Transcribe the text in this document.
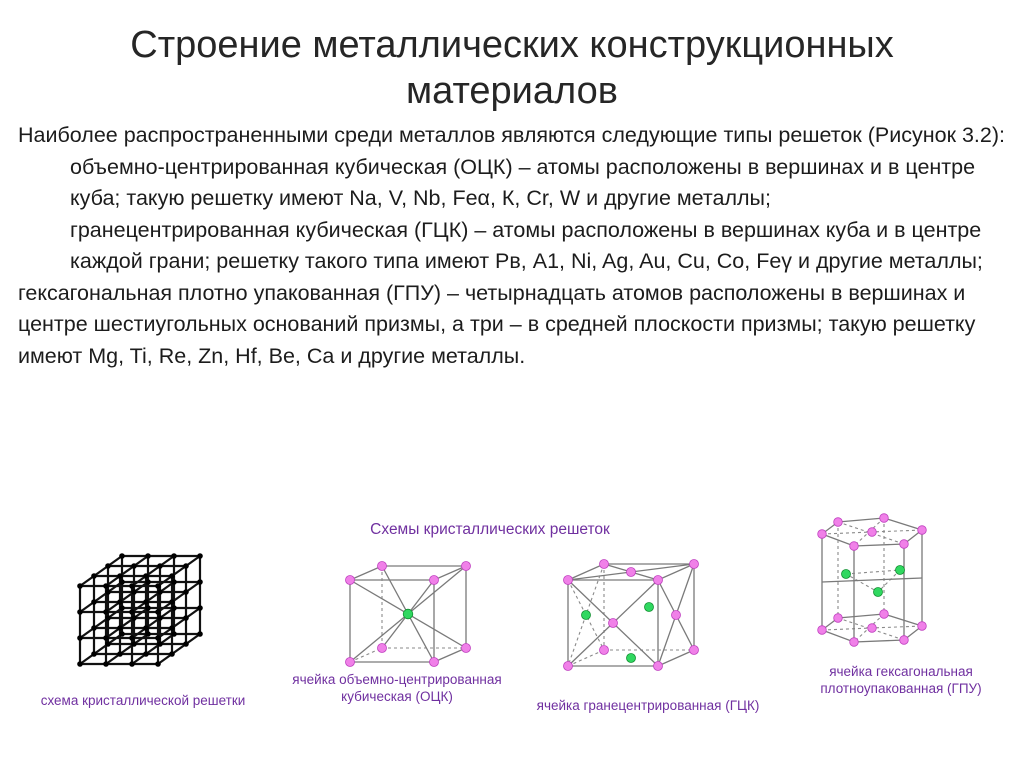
Строение металлических конструкционных материалов

Наиболее распространенными среди металлов являются следующие типы решеток (Рисунок 3.2):

объемно-центрированная кубическая (ОЦК) – атомы расположены в вершинах и в центре куба; такую решетку имеют Na, V, Nb, Feα, К, Cr, W и другие металлы;

гранецентрированная кубическая (ГЦК) – атомы расположены в вершинах куба и в центре каждой грани; решетку такого типа имеют Рв, А1, Ni, Ag, Au, Cu, Co, Feγ и другие металлы;

гексагональная плотно упакованная (ГПУ) – четырнадцать атомов расположены в вершинах и центре шестиугольных оснований призмы, а три – в средней плоскости призмы; такую решетку имеют Mg, Ti, Re, Zn, Hf, Be, Ca и другие металлы.

Схемы кристаллических решеток
схема кристаллической решетки
ячейка объемно-центрированная кубическая (ОЦК)
ячейка гранецентрированная (ГЦК)
ячейка гексагональная плотноупакованная (ГПУ)
